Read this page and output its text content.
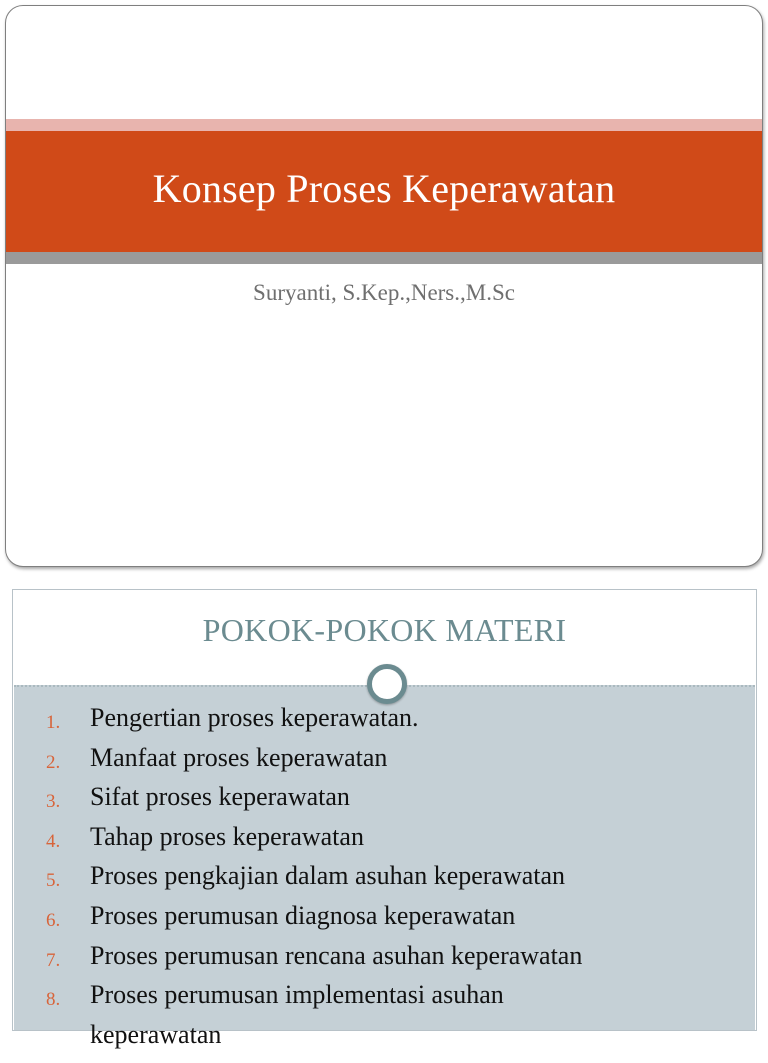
Konsep Proses Keperawatan
Suryanti, S.Kep.,Ners.,M.Sc
POKOK-POKOK MATERI
1.	Pengertian proses keperawatan.
2.	Manfaat proses keperawatan
3.	Sifat proses keperawatan
4.	Tahap proses keperawatan
5.	Proses pengkajian dalam asuhan keperawatan
6.	Proses perumusan diagnosa keperawatan
7.	Proses perumusan rencana asuhan keperawatan
8.	Proses perumusan implementasi asuhan
keperawatan
